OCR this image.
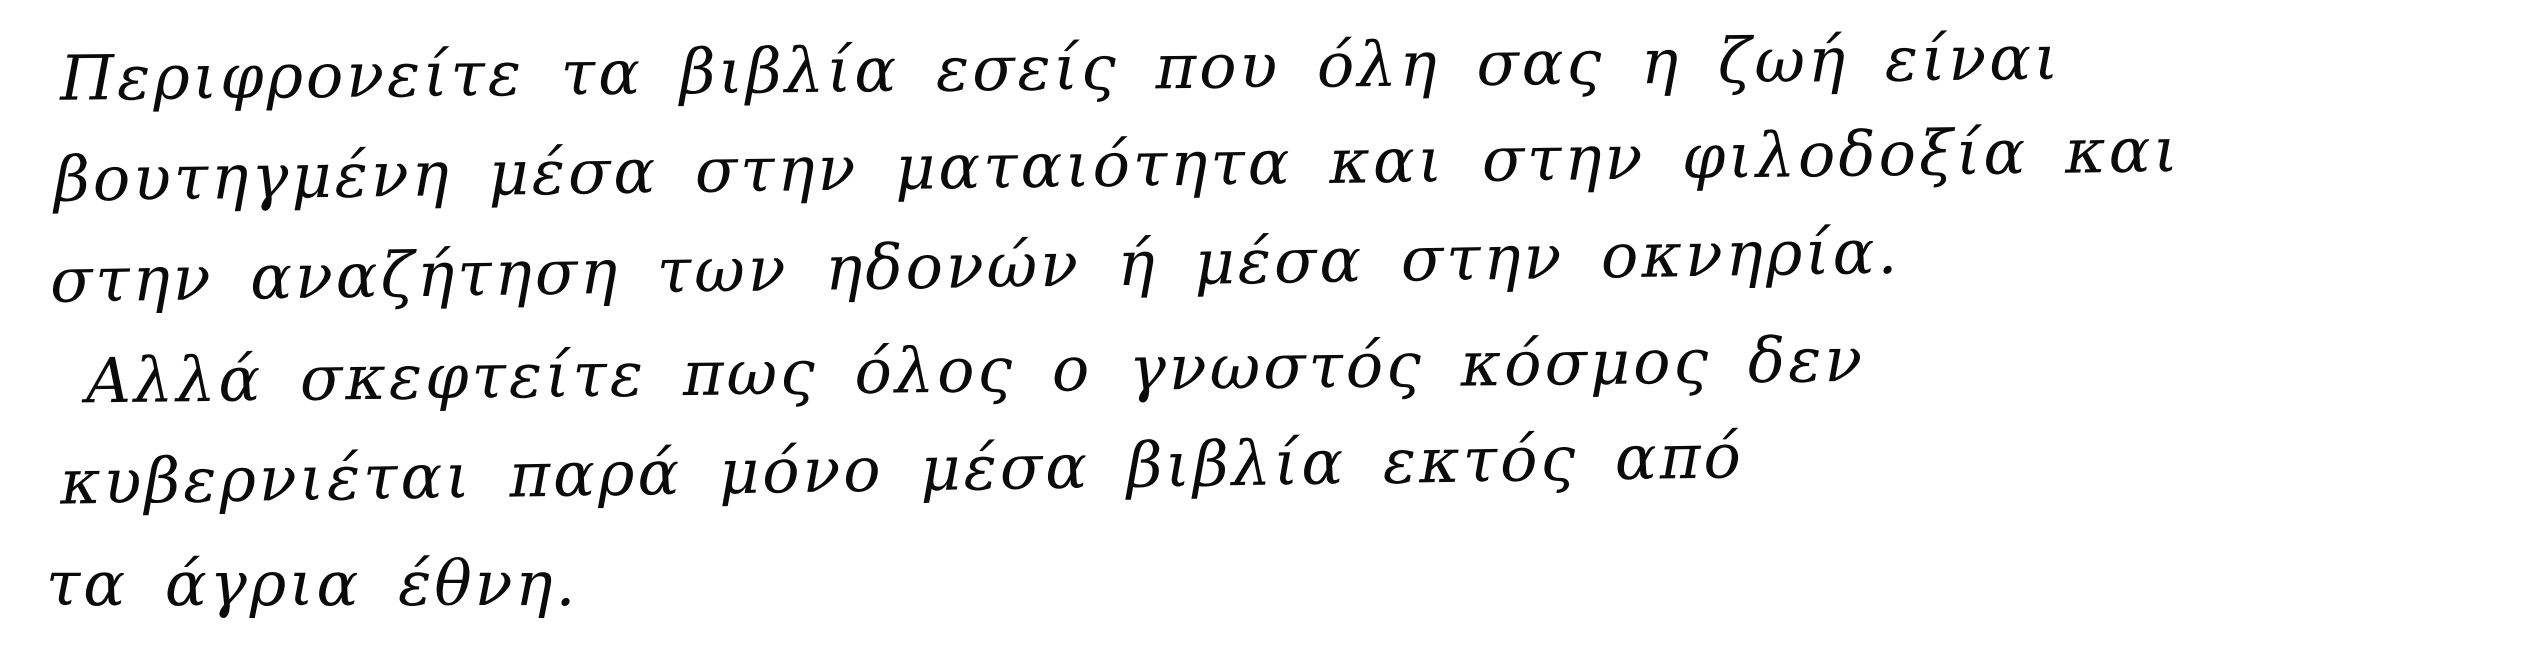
Περιφρονείτε τα βιβλία εσείς που όλη σας η ζωή είναι
βουτηγμένη μέσα στην ματαιότητα και στην φιλοδοξία και
στην αναζήτηση των ηδονών ή μέσα στην οκνηρία.
Αλλά σκεφτείτε πως όλος ο γνωστός κόσμος δεν
κυβερνιέται παρά μόνο μέσα βιβλία εκτός από
τα άγρια έθνη.
